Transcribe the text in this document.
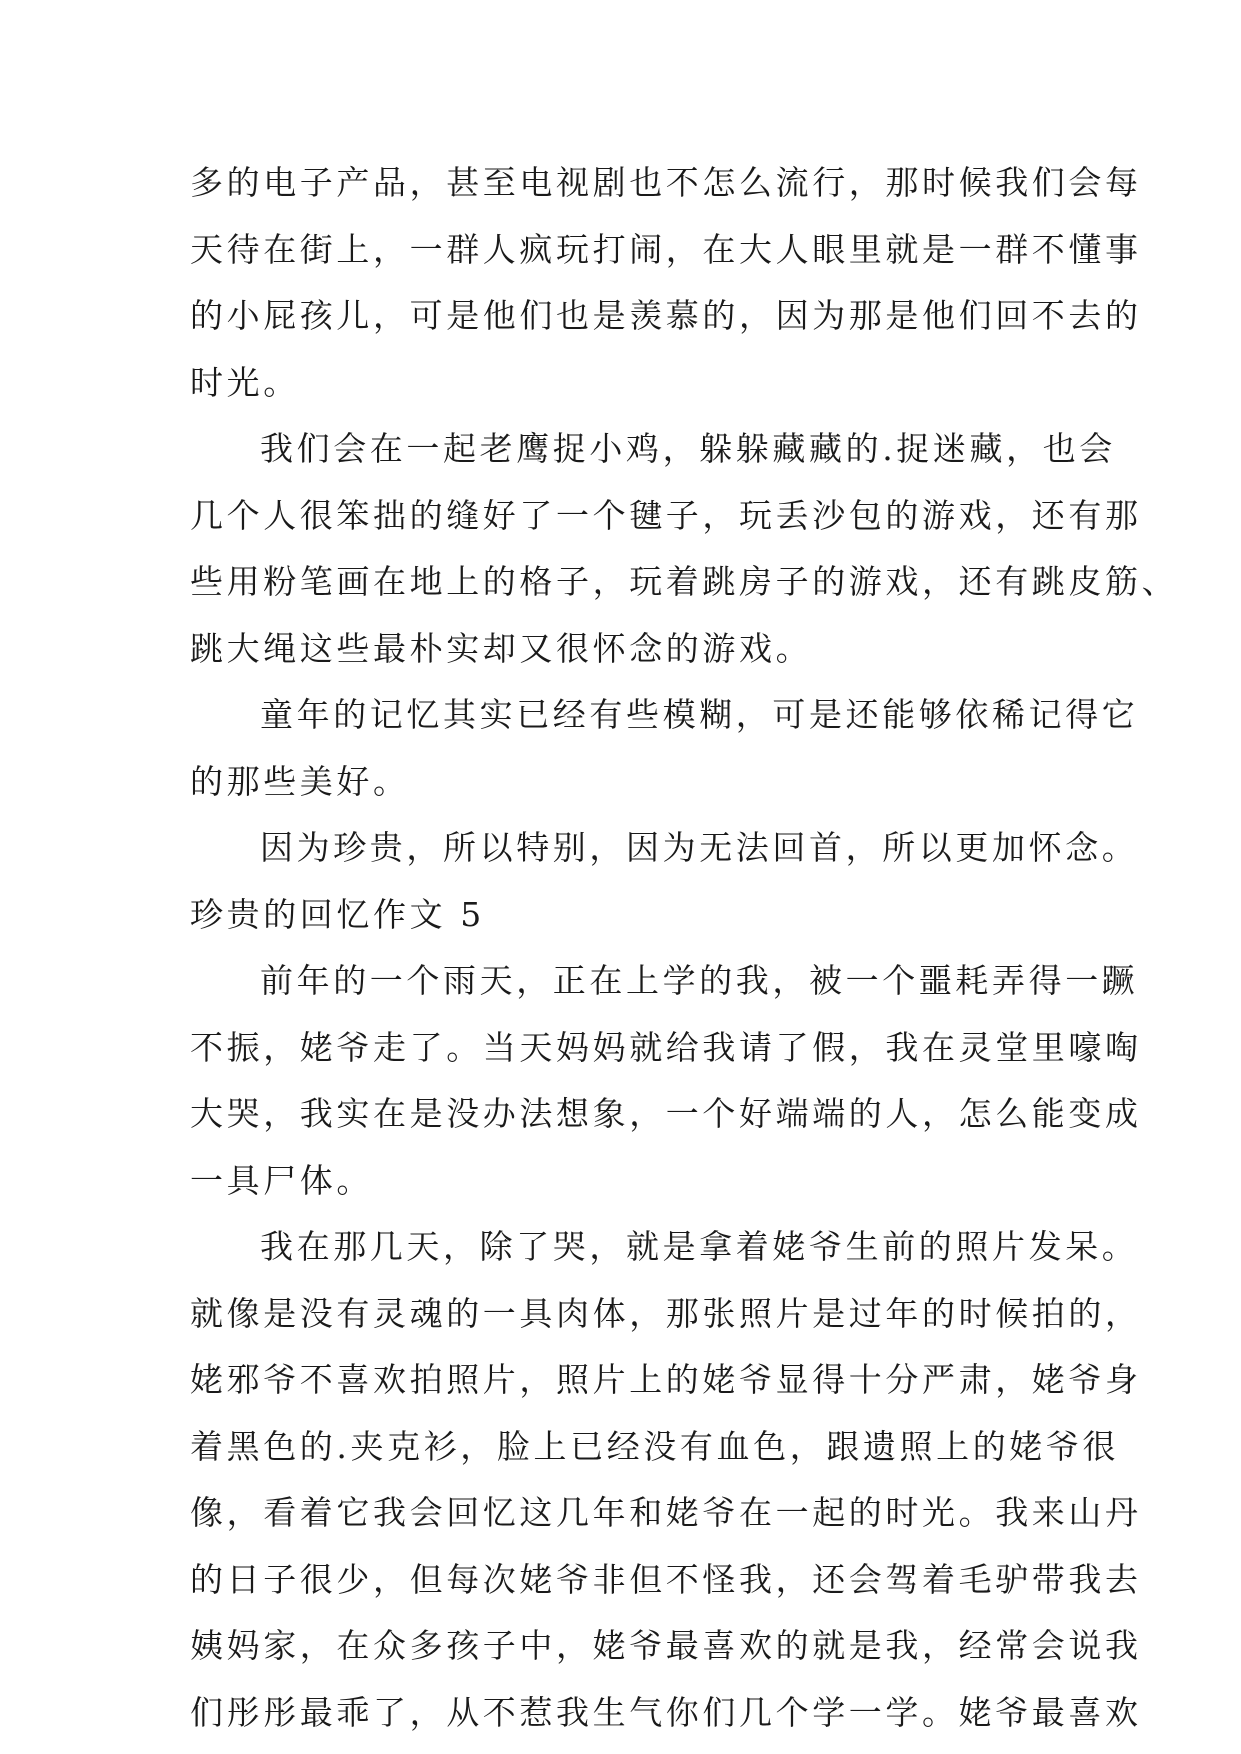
多的电子产品，甚至电视剧也不怎么流行，那时候我们会每
天待在街上，一群人疯玩打闹，在大人眼里就是一群不懂事
的小屁孩儿，可是他们也是羡慕的，因为那是他们回不去的
时光。
我们会在一起老鹰捉小鸡，躲躲藏藏的.捉迷藏，也会
几个人很笨拙的缝好了一个毽子，玩丢沙包的游戏，还有那
些用粉笔画在地上的格子，玩着跳房子的游戏，还有跳皮筋、
跳大绳这些最朴实却又很怀念的游戏。
童年的记忆其实已经有些模糊，可是还能够依稀记得它
的那些美好。
因为珍贵，所以特别，因为无法回首，所以更加怀念。
珍贵的回忆作文 5
前年的一个雨天，正在上学的我，被一个噩耗弄得一蹶
不振，姥爷走了。当天妈妈就给我请了假，我在灵堂里嚎啕
大哭，我实在是没办法想象，一个好端端的人，怎么能变成
一具尸体。
我在那几天，除了哭，就是拿着姥爷生前的照片发呆。
就像是没有灵魂的一具肉体，那张照片是过年的时候拍的，
姥邪爷不喜欢拍照片，照片上的姥爷显得十分严肃，姥爷身
着黑色的.夹克衫，脸上已经没有血色，跟遗照上的姥爷很
像，看着它我会回忆这几年和姥爷在一起的时光。我来山丹
的日子很少，但每次姥爷非但不怪我，还会驾着毛驴带我去
姨妈家，在众多孩子中，姥爷最喜欢的就是我，经常会说我
们彤彤最乖了，从不惹我生气你们几个学一学。姥爷最喜欢
